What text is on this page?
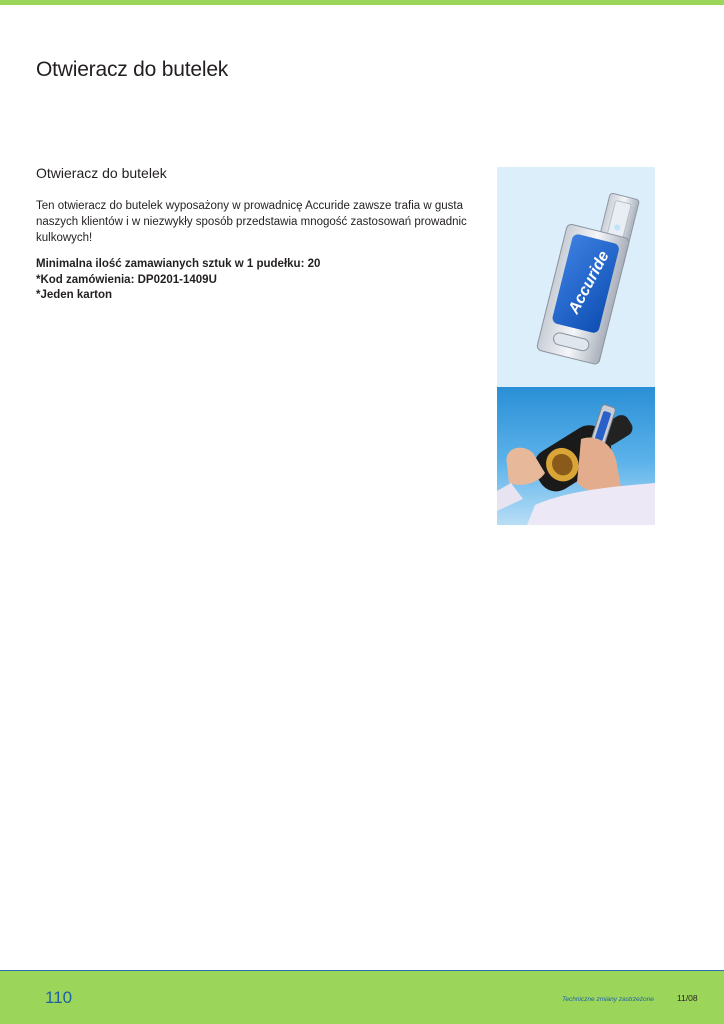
Otwieracz do butelek
Otwieracz do butelek

Ten otwieracz do butelek wyposażony w prowadnicę Accuride zawsze trafia w gusta naszych klientów i w niezwykły sposób przedstawia mnogość zastosowań prowadnic kulkowych!

Minimalna ilość zamawianych sztuk w 1 pudełku: 20
*Kod zamówienia: DP0201-1409U
*Jeden karton	Accuride
110	Techniczne zmiany zastrzeżone	11/08
